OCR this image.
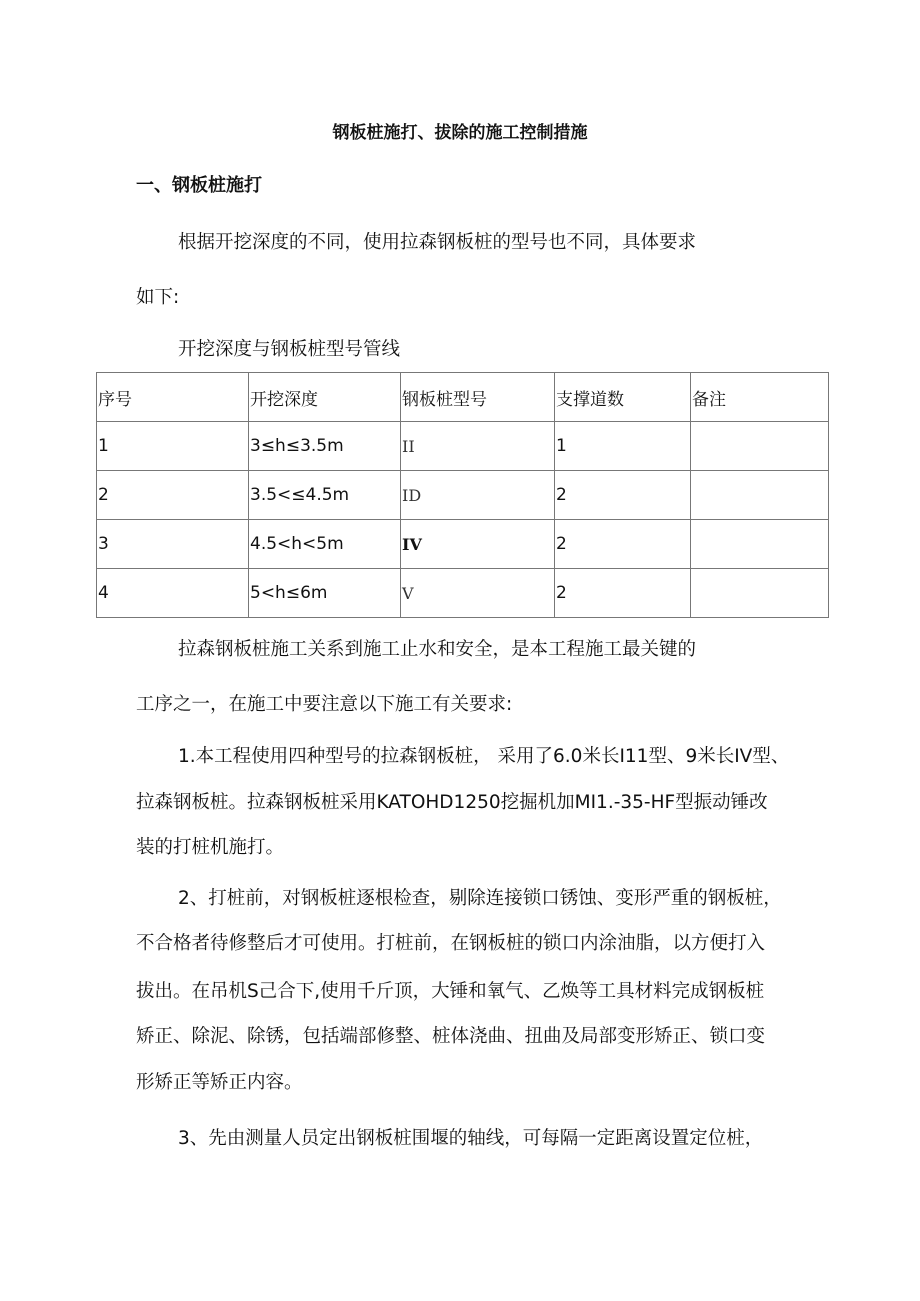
钢板桩施打、拔除的施工控制措施
一、钢板桩施打
根据开挖深度的不同，使用拉森钢板桩的型号也不同，具体要求
如下:
开挖深度与钢板桩型号管线
序号	开挖深度	钢板桩型号	支撑道数	备注
1	3≤h≤3.5m	II	1	
2	3.5<≤4.5m	ID	2	
3	4.5<h<5m	IV	2	
4	5<h≤6m	V	2	
拉森钢板桩施工关系到施工止水和安全，是本工程施工最关键的
工序之一，在施工中要注意以下施工有关要求:
1.本工程使用四种型号的拉森钢板桩， 采用了6.0米长I11型、9米长IV型、
拉森钢板桩。拉森钢板桩采用KATOHD1250挖掘机加MI1.-35-HF型振动锤改
装的打桩机施打。
2、打桩前，对钢板桩逐根检查，剔除连接锁口锈蚀、变形严重的钢板桩，
不合格者待修整后才可使用。打桩前，在钢板桩的锁口内涂油脂，以方便打入
拔出。在吊机S己合下,使用千斤顶，大锤和氧气、乙焕等工具材料完成钢板桩
矫正、除泥、除锈，包括端部修整、桩体浇曲、扭曲及局部变形矫正、锁口变
形矫正等矫正内容。
3、先由测量人员定出钢板桩围堰的轴线，可每隔一定距离设置定位桩，
